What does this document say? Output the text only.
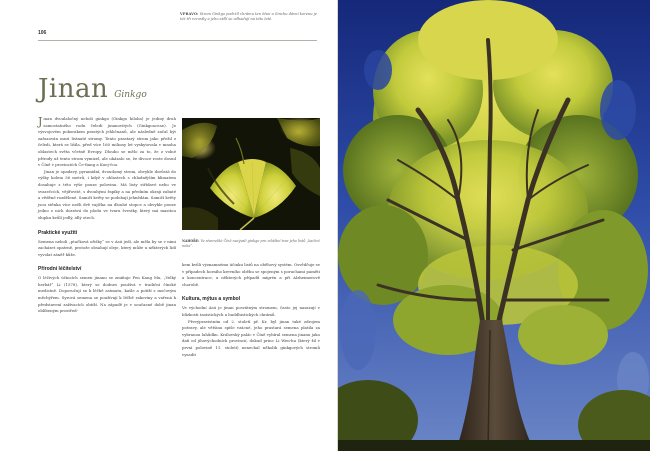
106
VPRAVO: Strom Ginkgo podržíl chrámu ten Mun u Sinchu dávní korenu je též tři vzrostly a jeho sídlí se odhadují na této leté.
Jinan Ginkgo

Jinan dvoulaločný neboli ginkgo (Ginkgo biloba) je jediný druh samostatného rodu čeledi jinanovitých (Ginkgoaceae). Je výsvojovém pokorakem prastých jehličnanů, ale následně začal být zařazován mezi listnaté stromy. Tento prastarý strom jako přežil z čeledi, která se lišila, před více 160 miliony let vyskytovala v mnoha oblastech světa včetně Evropy. Dlouho se mělo za to, že z volné přírody už tento strom vymizel, ale ukázalo se, že divoce roste dosud v Číně v provinciích Če-ťiang a Kuej-čou.

Jinan je opadavý, pyramidní, dvoudomý strom, obvykle dorůstá do výšky kolem 36 metrů, i když v oblastech s chladnějším klimatem dosahuje z této výše pouze polovinu. Má listy střídavé nebo ve svazečcích, vějířovité, s dvouhými řapíky a na předním okraji zubaté a věděné rozdělené. Samičí květy se podobají jehnědám. Samičí květy jsou stěnka více nežli dvě vajíčka na dlouhé stopce a obvykle pouze jedno z nich dozrává do plodu ve tvaru švestky, který má masitou slupku kvůlí jedlý, idlý otech.

Praktické využití

Semena neboli „ptačková ořišky“ se v Asii jedí, ale měla by se v nimi zacházet opatrně, protože obsahují oleje, který může u některých lidí vyvolat záněř kůže.

Přírodní léčitelství

O léčivých účincích semen jinanu se zmiňuje Pen Kang Mu, „Velký herbář“ Li (1578), který se dodnes používá v tradiční čínské medicíně. Doporučují se k léčbě astmatu, kašle a potíží s močovým měchýřem. Syrová semena se používají k léčbě rakoviny a vařená k představení zažívacích obtíží. Na západě je v současné době jinan oblíbeným prostřed-

NAHOŘE: Ve starověké Číně nazývali ginkgo pro zvláštní tvar jeho listů „kachní noha“.

kem kvůli významnému účinku listů na oběhový systém. Osvědčuje se v případech horního krevního oběhu se spojeným s poruchami paměti a koncentrace, u některých případů mígrén a při Alzheimerově chorobě.

Kultura, mýtus a symbol

Ve východní Asii je jinan posvátným stromem, často jej nasazují v blízkosti taoistických a buddhistických chrámů.

Převýpravistním od 2. století př. Kr. byl jinan také zdrojem potravy, ale většinu spíše vzácné, jeho prastará semena platila za vybranou lahůdku. Královský palác v Číně vybíral semena jinanu jako daň od jihovýchodních provincií, dokud princ Li Wen-hu (který žil v první polovině 11. století) nenechal několik ginkgových stromů vysadit
